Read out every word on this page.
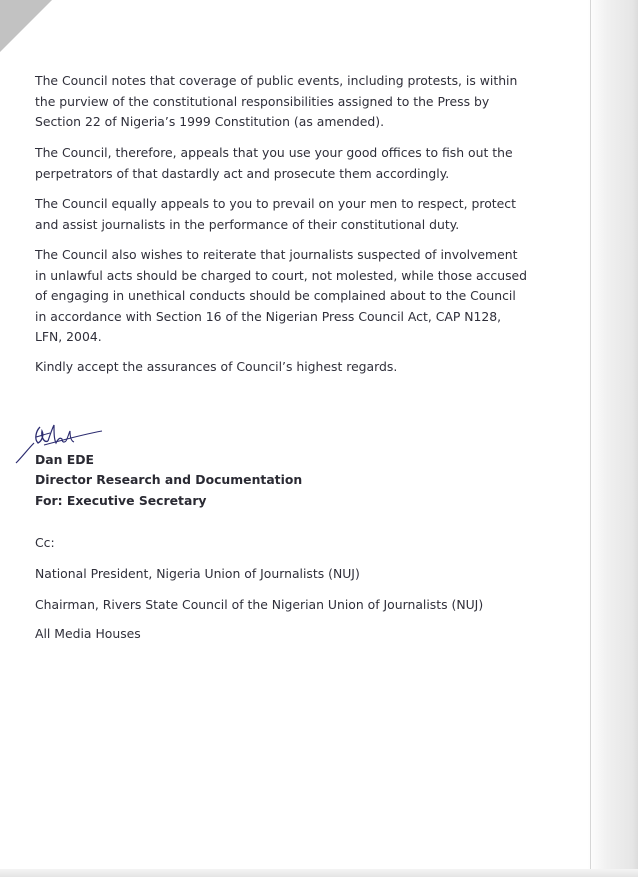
The Council notes that coverage of public events, including protests, is within
the purview of the constitutional responsibilities assigned to the Press by
Section 22 of Nigeria’s 1999 Constitution (as amended).

The Council, therefore, appeals that you use your good offices to fish out the
perpetrators of that dastardly act and prosecute them accordingly.

The Council equally appeals to you to prevail on your men to respect, protect
and assist journalists in the performance of their constitutional duty.

The Council also wishes to reiterate that journalists suspected of involvement
in unlawful acts should be charged to court, not molested, while those accused
of engaging in unethical conducts should be complained about to the Council
in accordance with Section 16 of the Nigerian Press Council Act, CAP N128,
LFN, 2004.

Kindly accept the assurances of Council’s highest regards.

Dan EDE
Director Research and Documentation
For: Executive Secretary
Cc:
National President, Nigeria Union of Journalists (NUJ)
Chairman, Rivers State Council of the Nigerian Union of Journalists (NUJ)
All Media Houses
